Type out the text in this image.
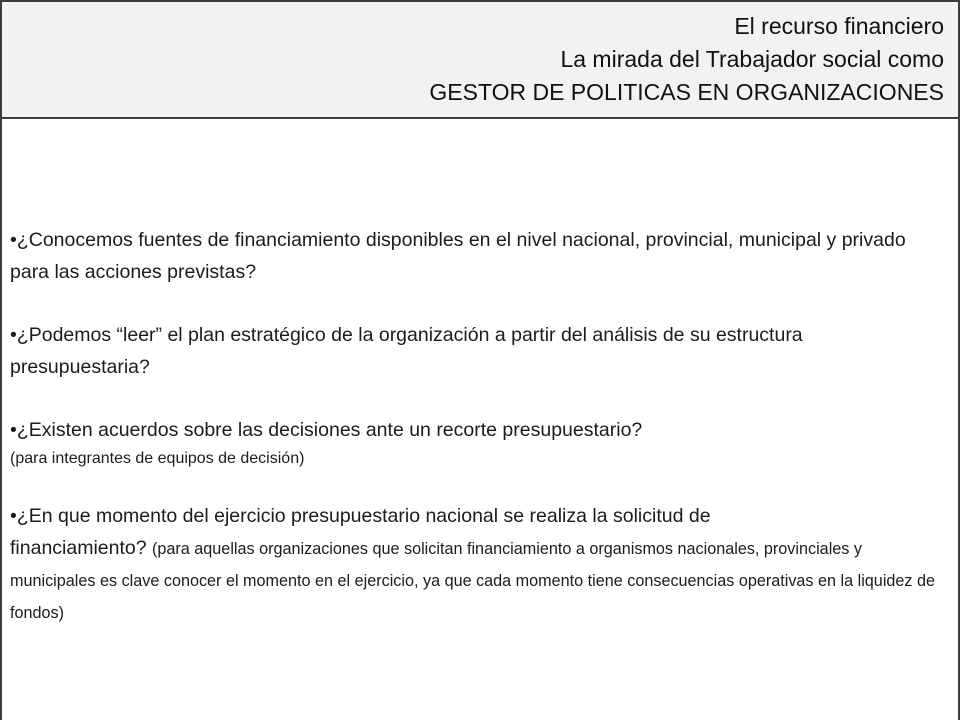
El recurso financiero
La mirada del Trabajador social como
GESTOR DE POLITICAS EN ORGANIZACIONES

•¿Conocemos fuentes de financiamiento disponibles en el nivel nacional, provincial, municipal y privado para las acciones previstas?

•¿Podemos “leer” el plan estratégico de la organización a partir del análisis de su estructura presupuestaria?

•¿Existen acuerdos sobre las decisiones ante un recorte presupuestario?

(para integrantes de equipos de decisión)

•¿En que momento del ejercicio presupuestario nacional se realiza la solicitud de
financiamiento? (para aquellas organizaciones que solicitan financiamiento a organismos nacionales, provinciales y municipales es clave conocer el momento en el ejercicio, ya que cada momento tiene consecuencias operativas en la liquidez de fondos)
